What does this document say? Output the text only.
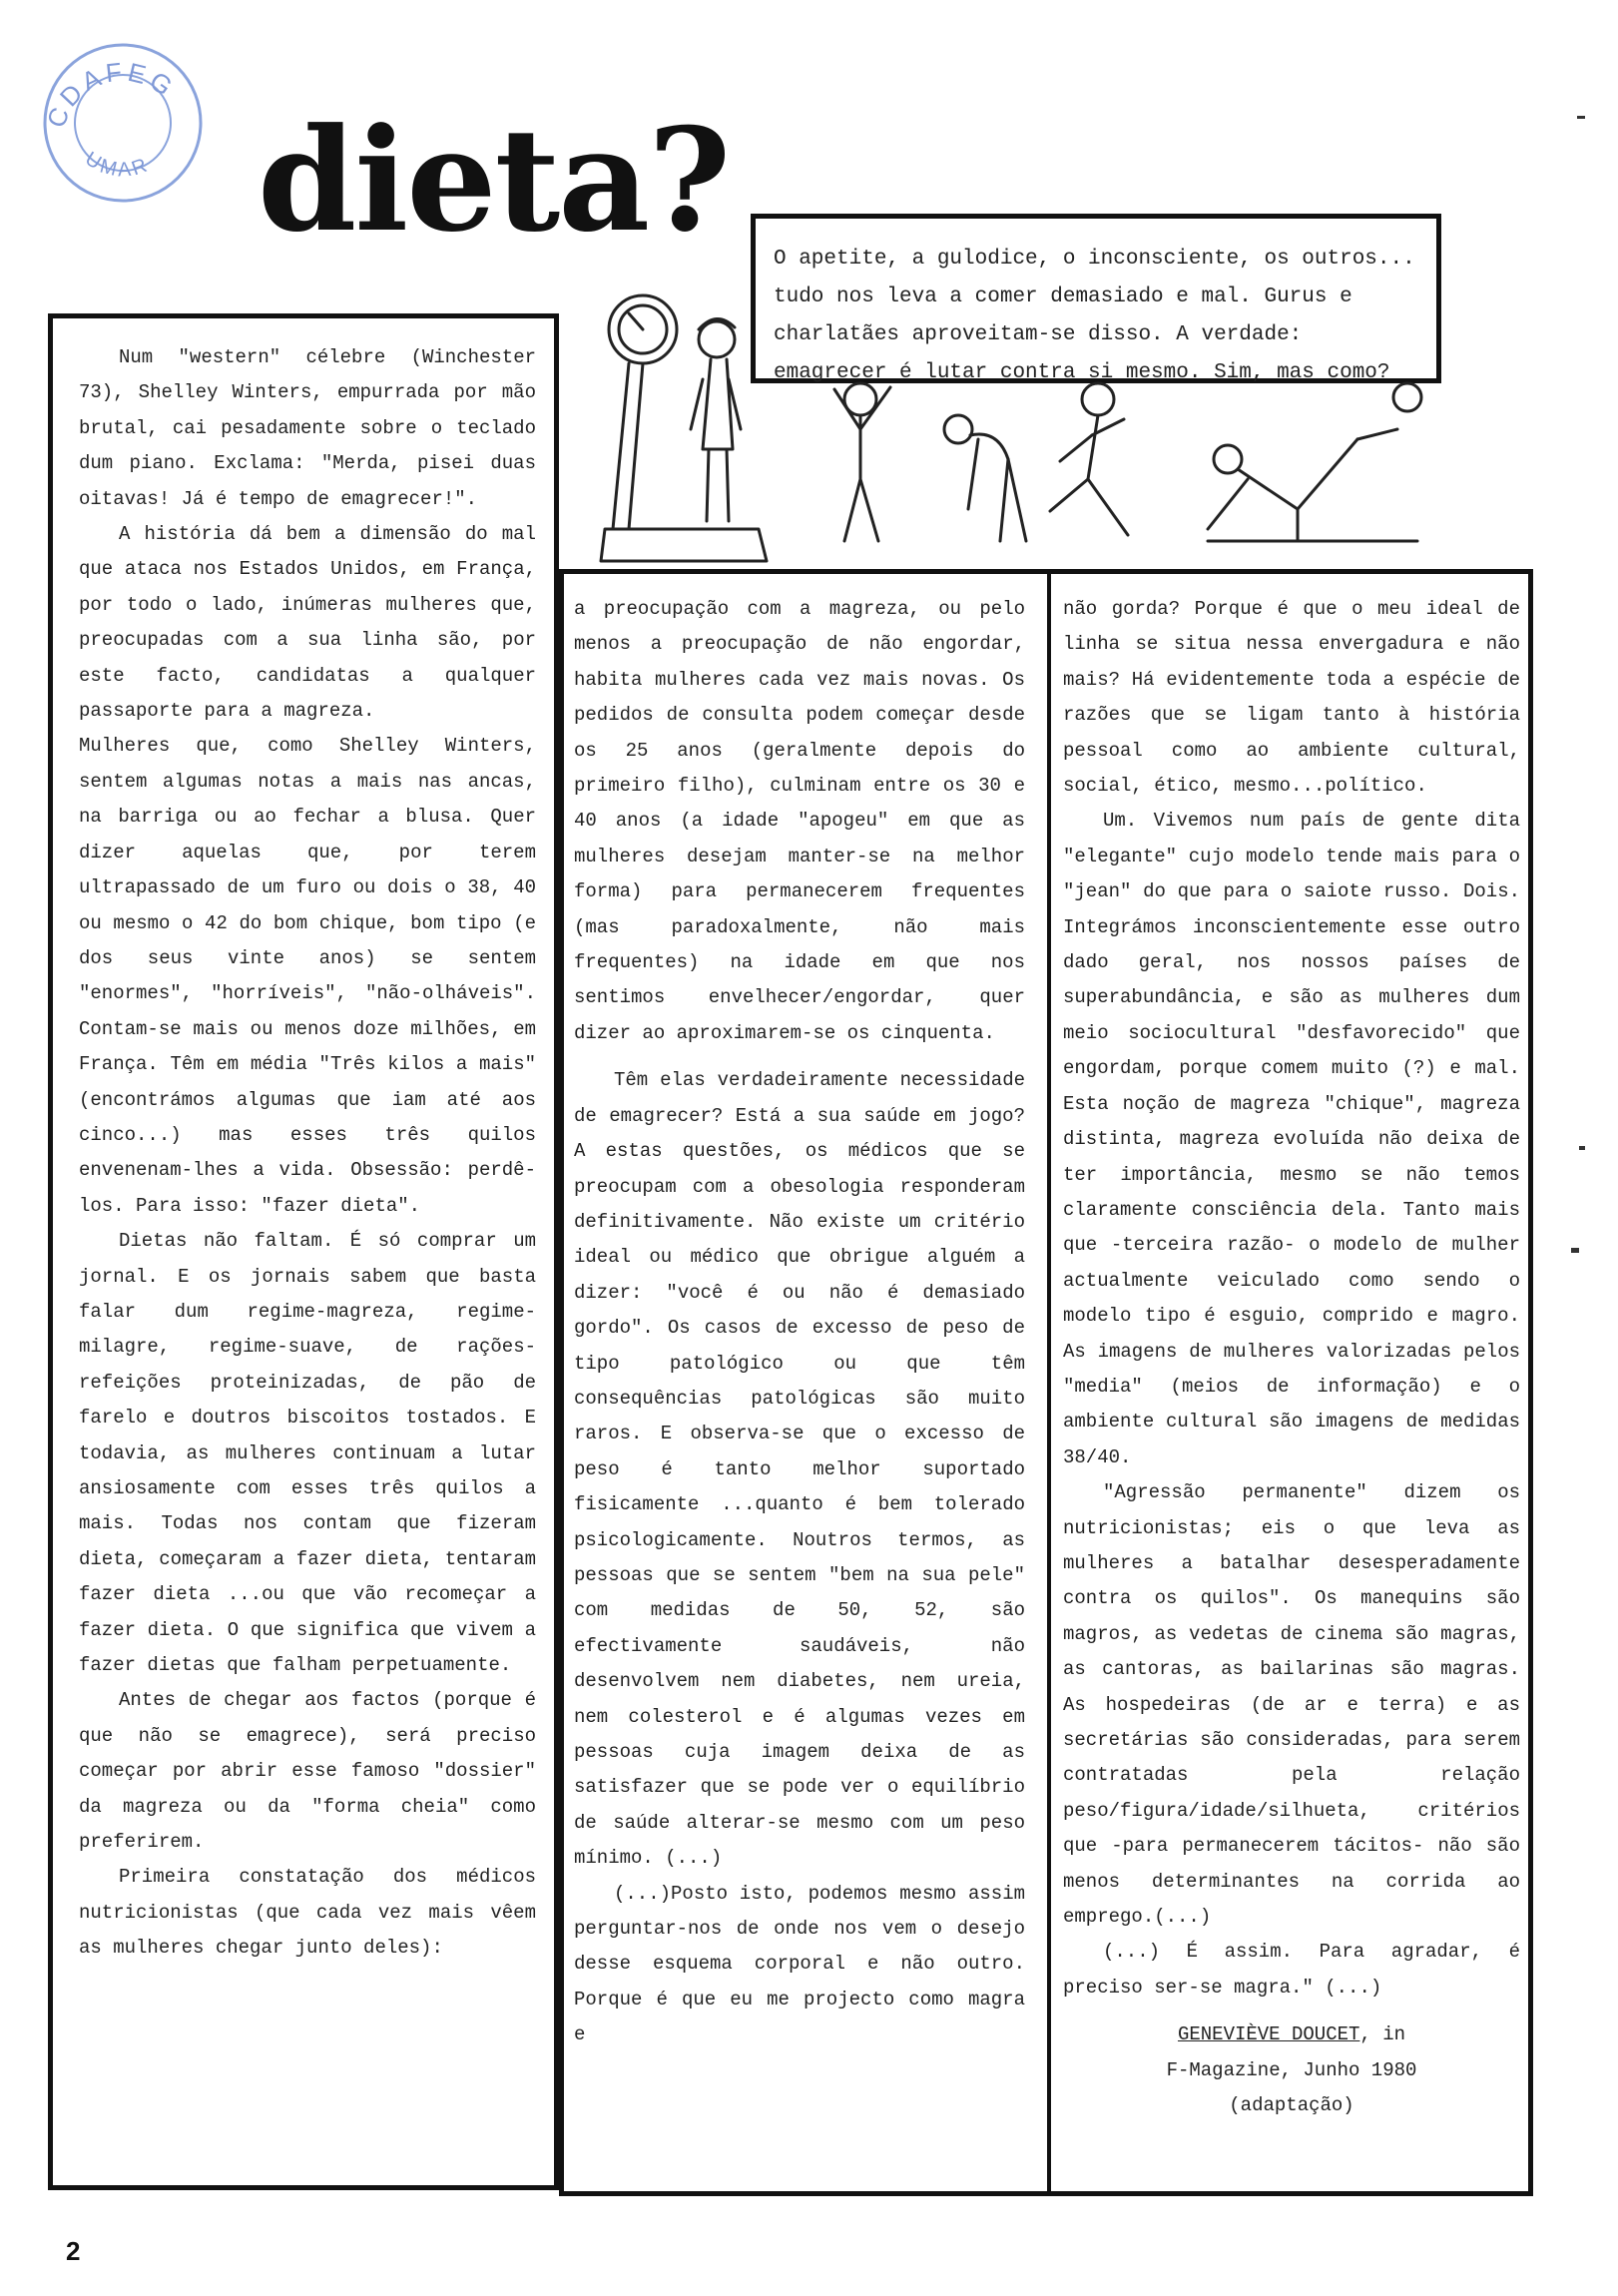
CDAFEG
UMAR dieta? O apetite, a gulodice, o inconsciente, os outros... tudo nos leva a comer demasiado e mal. Gurus e charlatães aproveitam-se disso. A verdade: emagrecer é lutar contra si mesmo. Sim, mas como?

Num "western" célebre (Winchester 73), Shelley Winters, empurrada por mão brutal, cai pesadamente sobre o teclado dum piano. Exclama: "Merda, pisei duas oitavas! Já é tempo de emagrecer!".

A história dá bem a dimensão do mal que ataca nos Estados Unidos, em França, por todo o lado, inúmeras mulheres que, preocupadas com a sua linha são, por este facto, candidatas a qualquer passaporte para a magreza.

Mulheres que, como Shelley Winters, sentem algumas notas a mais nas ancas, na barriga ou ao fechar a blusa. Quer dizer aquelas que, por terem ultrapassado de um furo ou dois o 38, 40 ou mesmo o 42 do bom chique, bom tipo (e dos seus vinte anos) se sentem "enormes", "horríveis", "não-olháveis". Contam-se mais ou menos doze milhões, em França. Têm em média "Três kilos a mais" (encontrámos algumas que iam até aos cinco...) mas esses três quilos envenenam-lhes a vida. Obsessão: perdê-los. Para isso: "fazer dieta".

Dietas não faltam. É só comprar um jornal. E os jornais sabem que basta falar dum regime-magreza, regime-milagre, regime-suave, de rações-refeições proteinizadas, de pão de farelo e doutros biscoitos tostados. E todavia, as mulheres continuam a lutar ansiosamente com esses três quilos a mais. Todas nos contam que fizeram dieta, começaram a fazer dieta, tentaram fazer dieta ...ou que vão recomeçar a fazer dieta. O que significa que vivem a fazer dietas que falham perpetuamente.

Antes de chegar aos factos (porque é que não se emagrece), será preciso começar por abrir esse famoso "dossier" da magreza ou da "forma cheia" como preferirem.

Primeira constatação dos médicos nutricionistas (que cada vez mais vêem as mulheres chegar junto deles):

a preocupação com a magreza, ou pelo menos a preocupação de não engordar, habita mulheres cada vez mais novas. Os pedidos de consulta podem começar desde os 25 anos (geralmente depois do primeiro filho), culminam entre os 30 e 40 anos (a idade "apogeu" em que as mulheres desejam manter-se na melhor forma) para permanecerem frequentes (mas paradoxalmente, não mais frequentes) na idade em que nos sentimos envelhecer/engordar, quer dizer ao aproximarem-se os cinquenta.

Têm elas verdadeiramente necessidade de emagrecer? Está a sua saúde em jogo? A estas questões, os médicos que se preocupam com a obesologia responderam definitivamente. Não existe um critério ideal ou médico que obrigue alguém a dizer: "você é ou não é demasiado gordo". Os casos de excesso de peso de tipo patológico ou que têm consequências patológicas são muito raros. E observa-se que o excesso de peso é tanto melhor suportado fisicamente ...quanto é bem tolerado psicologicamente. Noutros termos, as pessoas que se sentem "bem na sua pele" com medidas de 50, 52, são efectivamente saudáveis, não desenvolvem nem diabetes, nem ureia, nem colesterol e é algumas vezes em pessoas cuja imagem deixa de as satisfazer que se pode ver o equilíbrio de saúde alterar-se mesmo com um peso mínimo. (...)

(...)Posto isto, podemos mesmo assim perguntar-nos de onde nos vem o desejo desse esquema corporal e não outro. Porque é que eu me projecto como magra e

não gorda? Porque é que o meu ideal de linha se situa nessa envergadura e não mais? Há evidentemente toda a espécie de razões que se ligam tanto à história pessoal como ao ambiente cultural, social, ético, mesmo...político.

Um. Vivemos num país de gente dita "elegante" cujo modelo tende mais para o "jean" do que para o saiote russo. Dois. Integrámos inconscientemente esse outro dado geral, nos nossos países de superabundância, e são as mulheres dum meio sociocultural "desfavorecido" que engordam, porque comem muito (?) e mal. Esta noção de magreza "chique", magreza distinta, magreza evoluída não deixa de ter importância, mesmo se não temos claramente consciência dela. Tanto mais que -terceira razão- o modelo de mulher actualmente veiculado como sendo o modelo tipo é esguio, comprido e magro. As imagens de mulheres valorizadas pelos "media" (meios de informação) e o ambiente cultural são imagens de medidas 38/40.

"Agressão permanente" dizem os nutricionistas; eis o que leva as mulheres a batalhar desesperadamente contra os quilos". Os manequins são magros, as vedetas de cinema são magras, as cantoras, as bailarinas são magras. As hospedeiras (de ar e terra) e as secretárias são consideradas, para serem contratadas pela relação peso/figura/idade/silhueta, critérios que -para permanecerem tácitos- não são menos determinantes na corrida ao emprego.(...)

(...) É assim. Para agradar, é preciso ser-se magra." (...)

GENEVIÈVE DOUCET, in

F-Magazine, Junho 1980

(adaptação)

2
